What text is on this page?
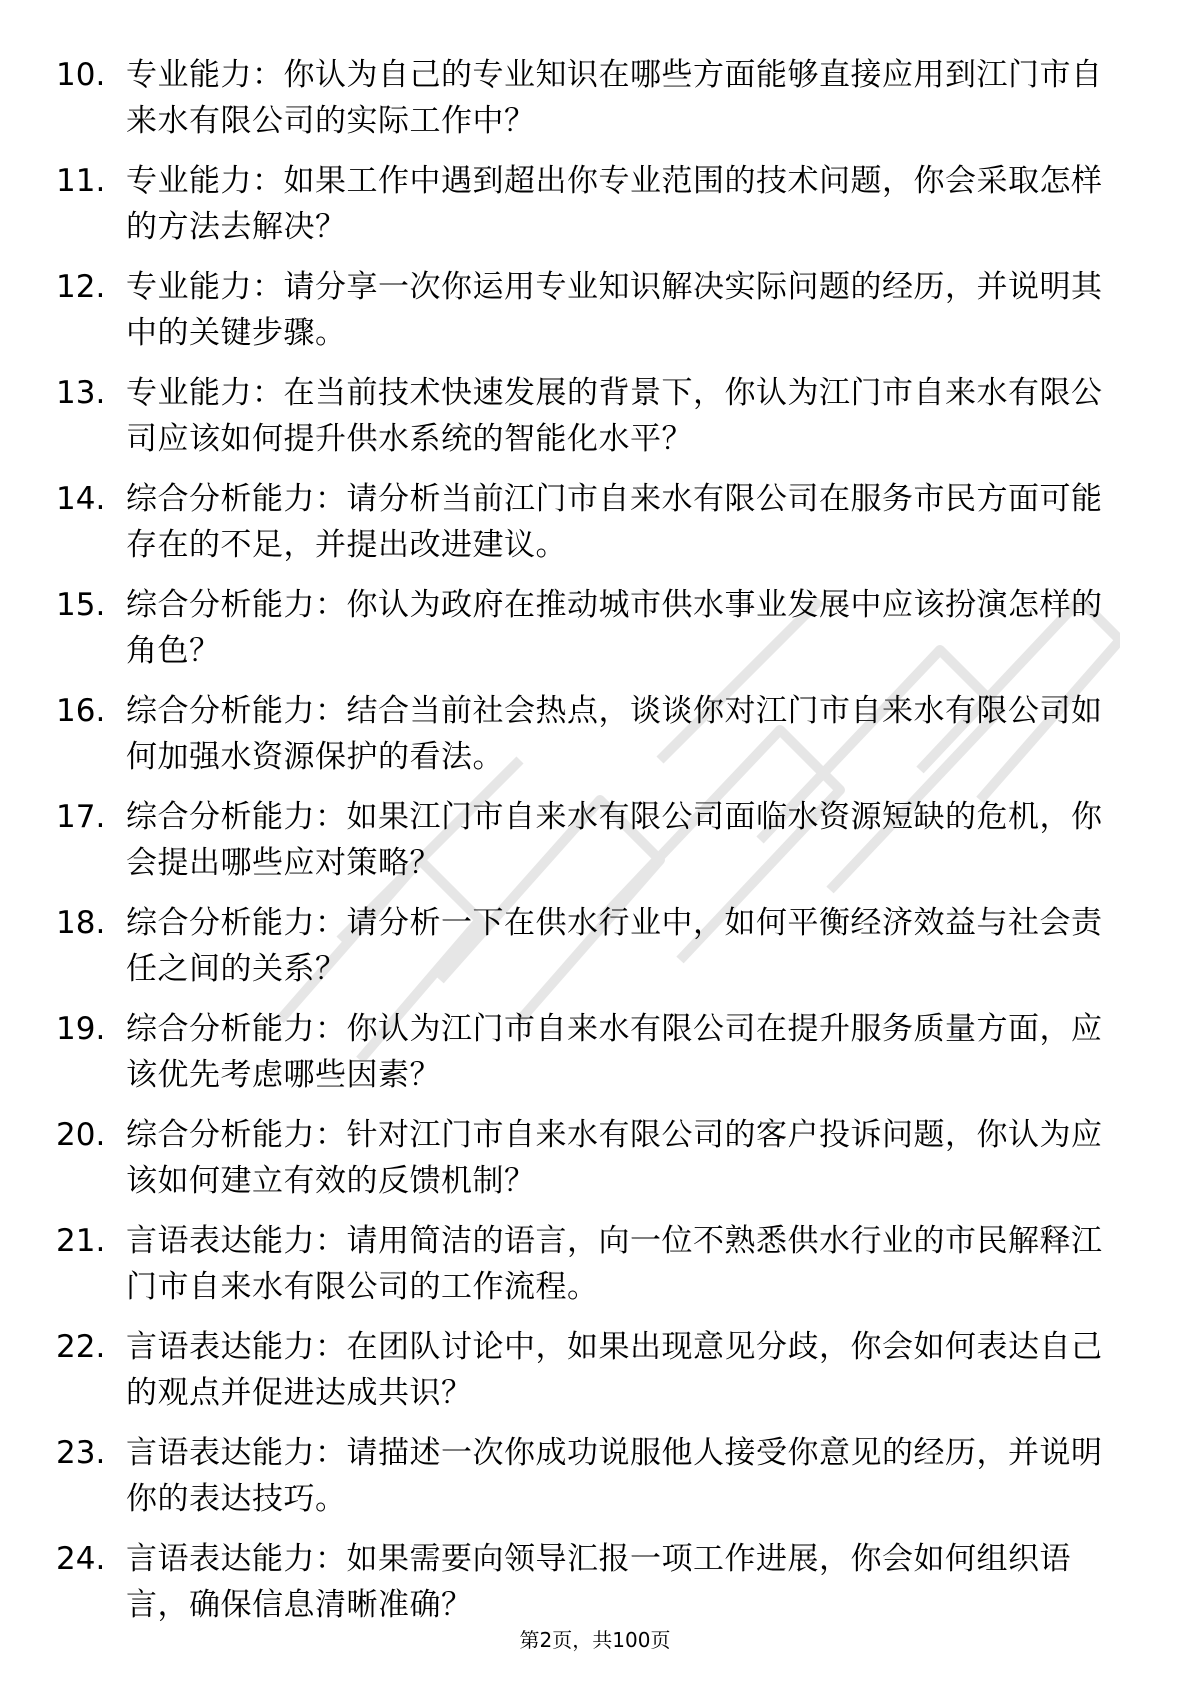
10. 专业能力：你认为自己的专业知识在哪些方面能够直接应用到江门市自来水有限公司的实际工作中？
11. 专业能力：如果工作中遇到超出你专业范围的技术问题，你会采取怎样的方法去解决？
12. 专业能力：请分享一次你运用专业知识解决实际问题的经历，并说明其中的关键步骤。
13. 专业能力：在当前技术快速发展的背景下，你认为江门市自来水有限公司应该如何提升供水系统的智能化水平？
14. 综合分析能力：请分析当前江门市自来水有限公司在服务市民方面可能存在的不足，并提出改进建议。
15. 综合分析能力：你认为政府在推动城市供水事业发展中应该扮演怎样的角色？
16. 综合分析能力：结合当前社会热点，谈谈你对江门市自来水有限公司如何加强水资源保护的看法。
17. 综合分析能力：如果江门市自来水有限公司面临水资源短缺的危机，你会提出哪些应对策略？
18. 综合分析能力：请分析一下在供水行业中，如何平衡经济效益与社会责任之间的关系？
19. 综合分析能力：你认为江门市自来水有限公司在提升服务质量方面，应该优先考虑哪些因素？
20. 综合分析能力：针对江门市自来水有限公司的客户投诉问题，你认为应该如何建立有效的反馈机制？
21. 言语表达能力：请用简洁的语言，向一位不熟悉供水行业的市民解释江门市自来水有限公司的工作流程。
22. 言语表达能力：在团队讨论中，如果出现意见分歧，你会如何表达自己的观点并促进达成共识？
23. 言语表达能力：请描述一次你成功说服他人接受你意见的经历，并说明你的表达技巧。
24. 言语表达能力：如果需要向领导汇报一项工作进展，你会如何组织语言，确保信息清晰准确？
第2页，共100页
